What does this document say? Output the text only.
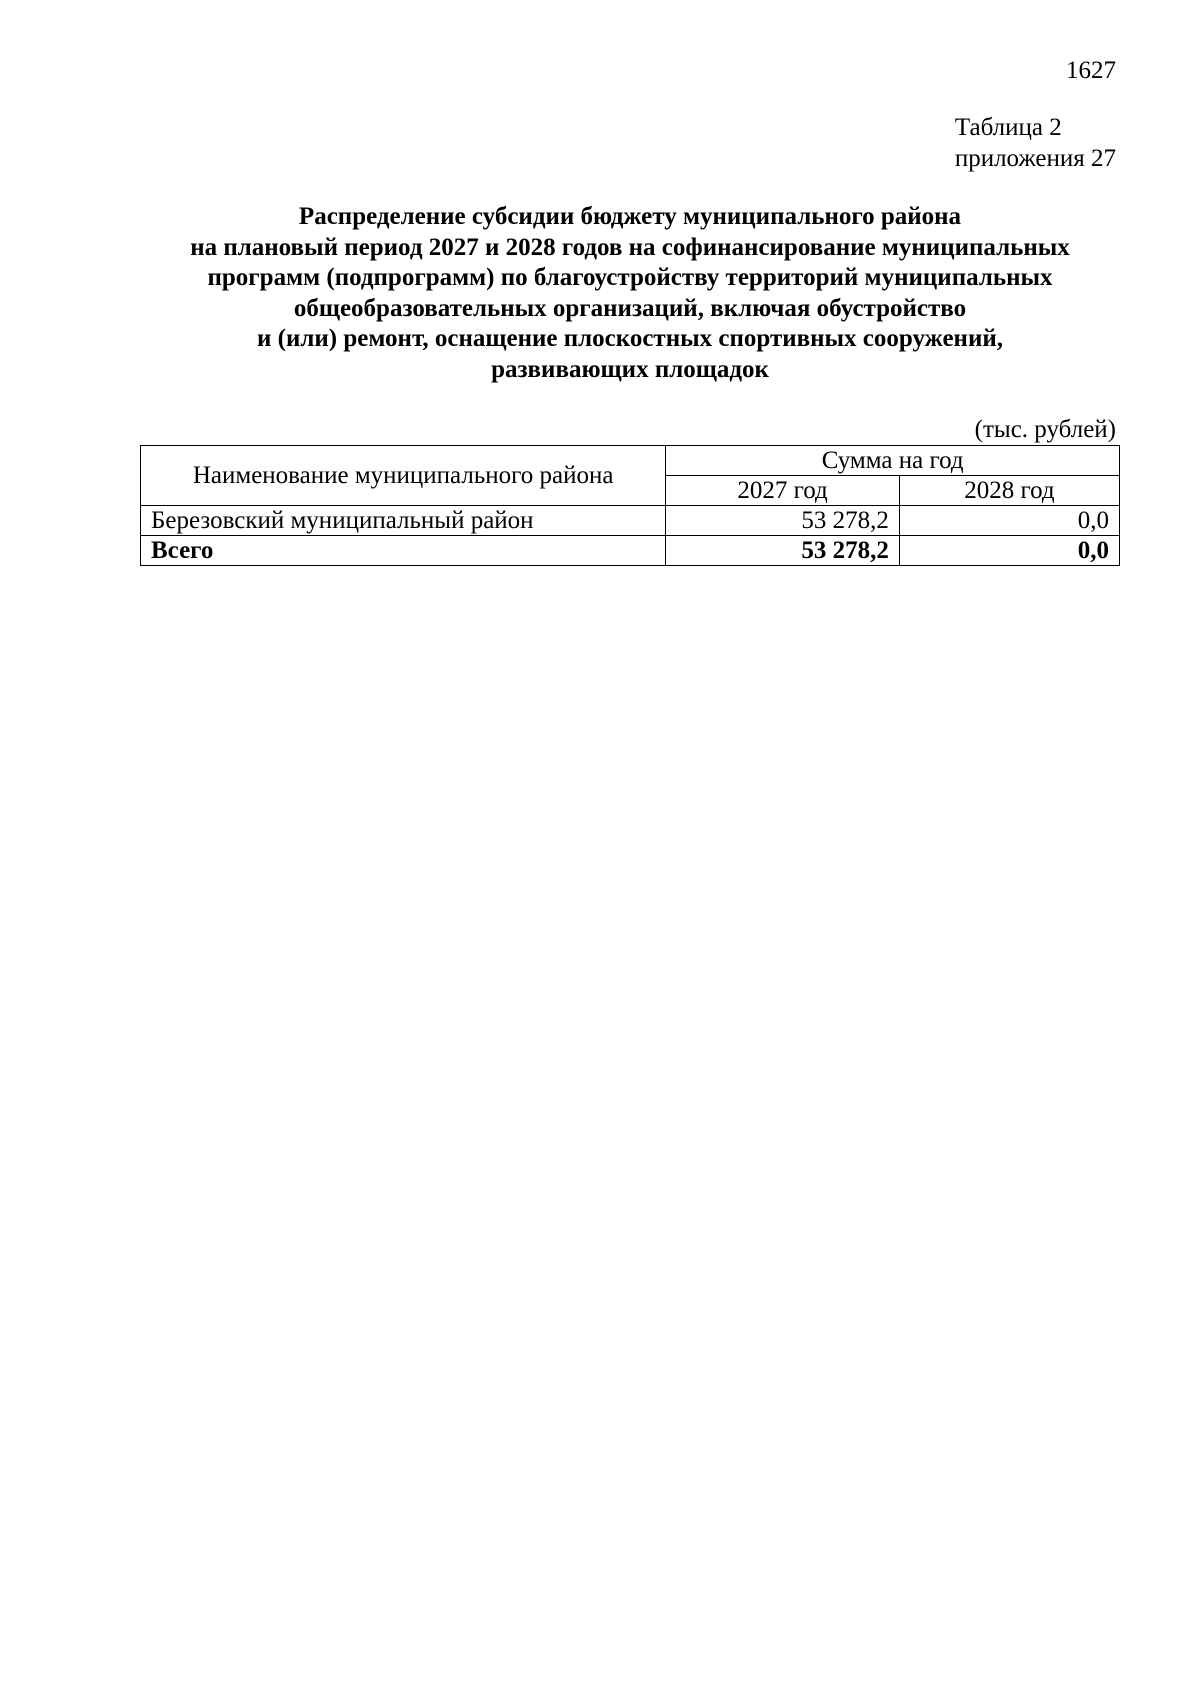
1627
Таблица 2
приложения 27
Распределение субсидии бюджету муниципального района
на плановый период 2027 и 2028 годов на софинансирование муниципальных
программ (подпрограмм) по благоустройству территорий муниципальных
общеобразовательных организаций, включая обустройство
и (или) ремонт, оснащение плоскостных спортивных сооружений,
развивающих площадок
(тыс. рублей)
Наименование муниципального района	Сумма на год	
	2027 год	2028 год
Березовский муниципальный район	53 278,2	0,0
Всего	53 278,2	0,0
